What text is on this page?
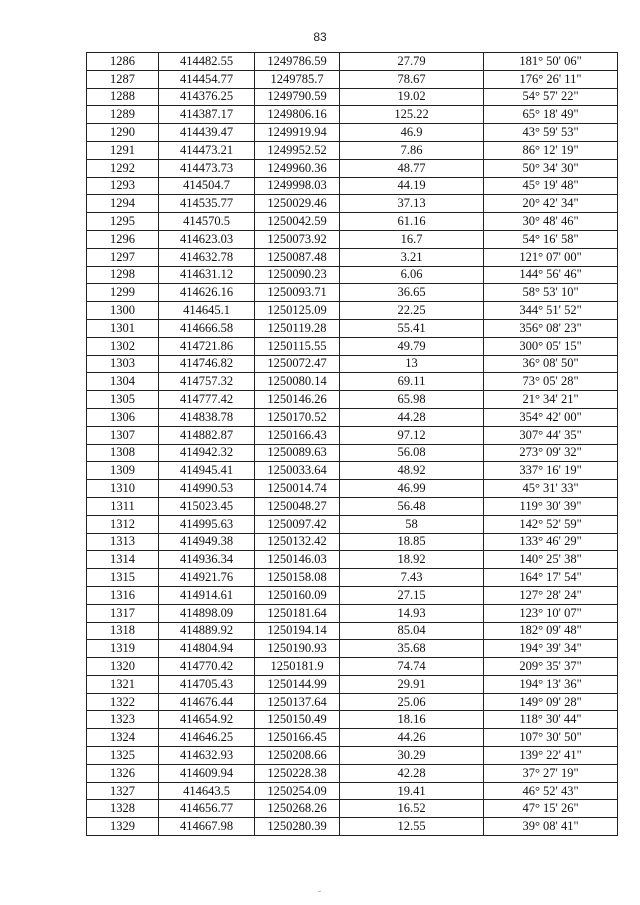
83
1286	414482.55	1249786.59	27.79	181° 50' 06"
1287	414454.77	1249785.7	78.67	176° 26' 11"
1288	414376.25	1249790.59	19.02	54° 57' 22"
1289	414387.17	1249806.16	125.22	65° 18' 49"
1290	414439.47	1249919.94	46.9	43° 59' 53"
1291	414473.21	1249952.52	7.86	86° 12' 19"
1292	414473.73	1249960.36	48.77	50° 34' 30"
1293	414504.7	1249998.03	44.19	45° 19' 48"
1294	414535.77	1250029.46	37.13	20° 42' 34"
1295	414570.5	1250042.59	61.16	30° 48' 46"
1296	414623.03	1250073.92	16.7	54° 16' 58"
1297	414632.78	1250087.48	3.21	121° 07' 00"
1298	414631.12	1250090.23	6.06	144° 56' 46"
1299	414626.16	1250093.71	36.65	58° 53' 10"
1300	414645.1	1250125.09	22.25	344° 51' 52"
1301	414666.58	1250119.28	55.41	356° 08' 23"
1302	414721.86	1250115.55	49.79	300° 05' 15"
1303	414746.82	1250072.47	13	36° 08' 50"
1304	414757.32	1250080.14	69.11	73° 05' 28"
1305	414777.42	1250146.26	65.98	21° 34' 21"
1306	414838.78	1250170.52	44.28	354° 42' 00"
1307	414882.87	1250166.43	97.12	307° 44' 35"
1308	414942.32	1250089.63	56.08	273° 09' 32"
1309	414945.41	1250033.64	48.92	337° 16' 19"
1310	414990.53	1250014.74	46.99	45° 31' 33"
1311	415023.45	1250048.27	56.48	119° 30' 39"
1312	414995.63	1250097.42	58	142° 52' 59"
1313	414949.38	1250132.42	18.85	133° 46' 29"
1314	414936.34	1250146.03	18.92	140° 25' 38"
1315	414921.76	1250158.08	7.43	164° 17' 54"
1316	414914.61	1250160.09	27.15	127° 28' 24"
1317	414898.09	1250181.64	14.93	123° 10' 07"
1318	414889.92	1250194.14	85.04	182° 09' 48"
1319	414804.94	1250190.93	35.68	194° 39' 34"
1320	414770.42	1250181.9	74.74	209° 35' 37"
1321	414705.43	1250144.99	29.91	194° 13' 36"
1322	414676.44	1250137.64	25.06	149° 09' 28"
1323	414654.92	1250150.49	18.16	118° 30' 44"
1324	414646.25	1250166.45	44.26	107° 30' 50"
1325	414632.93	1250208.66	30.29	139° 22' 41"
1326	414609.94	1250228.38	42.28	37° 27' 19"
1327	414643.5	1250254.09	19.41	46° 52' 43"
1328	414656.77	1250268.26	16.52	47° 15' 26"
1329	414667.98	1250280.39	12.55	39° 08' 41"
